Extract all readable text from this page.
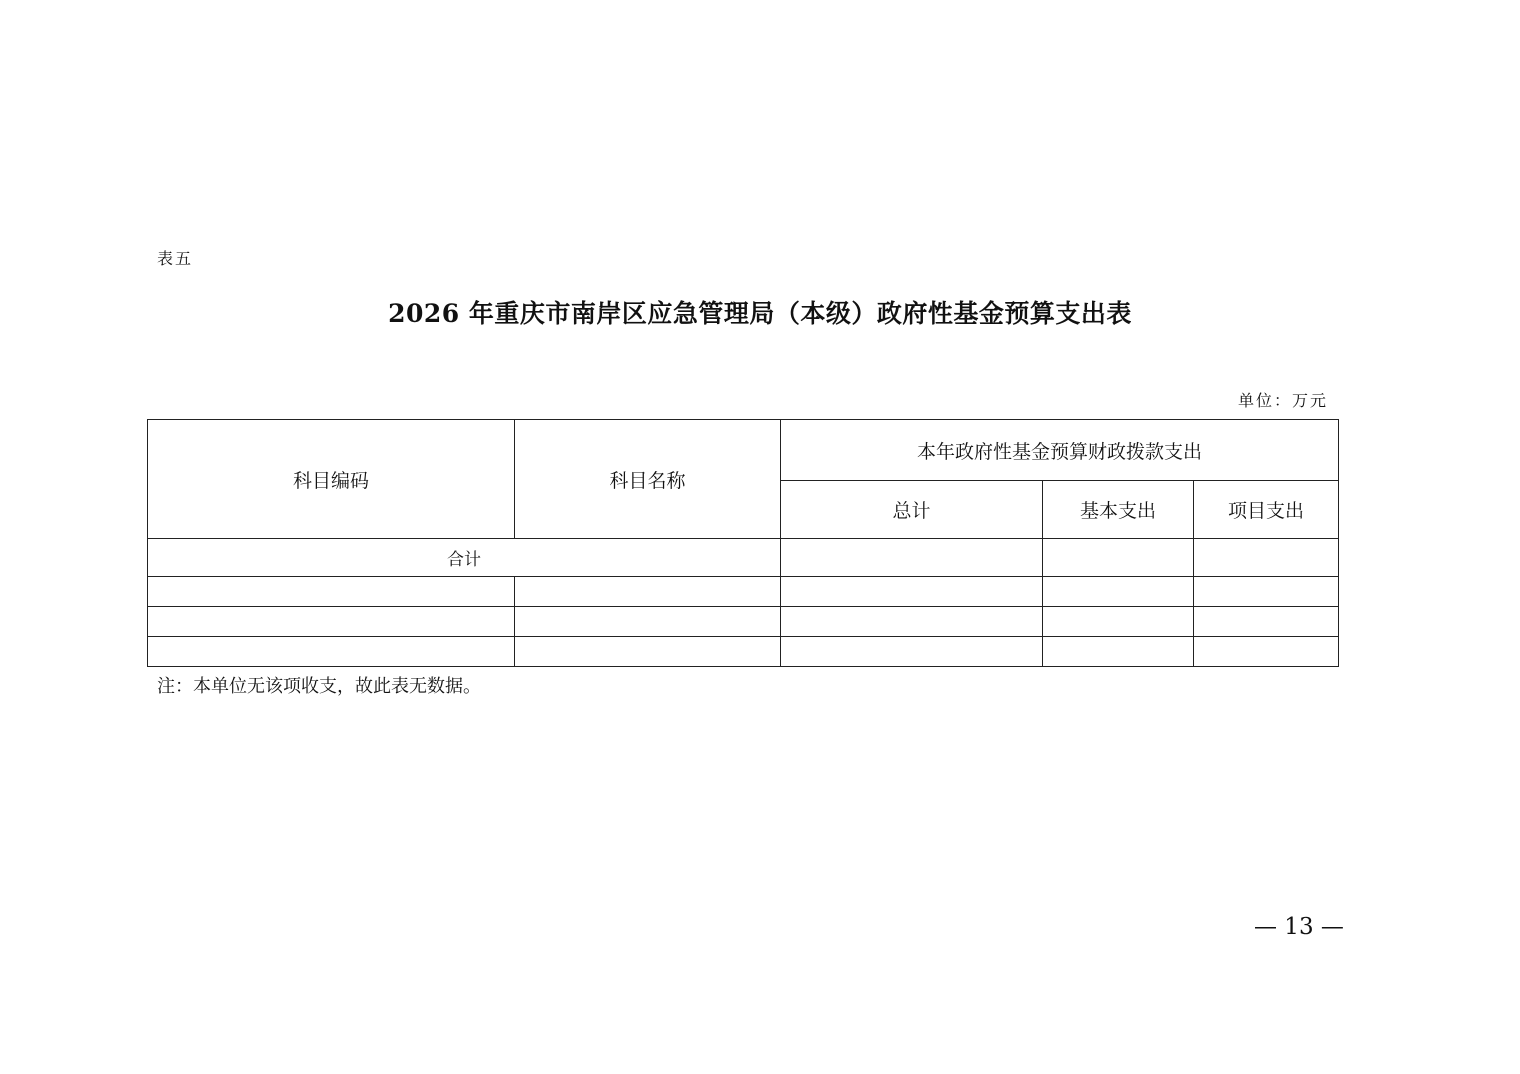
表五
2026 年重庆市南岸区应急管理局（本级）政府性基金预算支出表
单位：万元
科目编码	科目名称	本年政府性基金预算财政拨款支出		
		总计	基本支出	项目支出
合计				

注：本单位无该项收支，故此表无数据。
— 13 —
